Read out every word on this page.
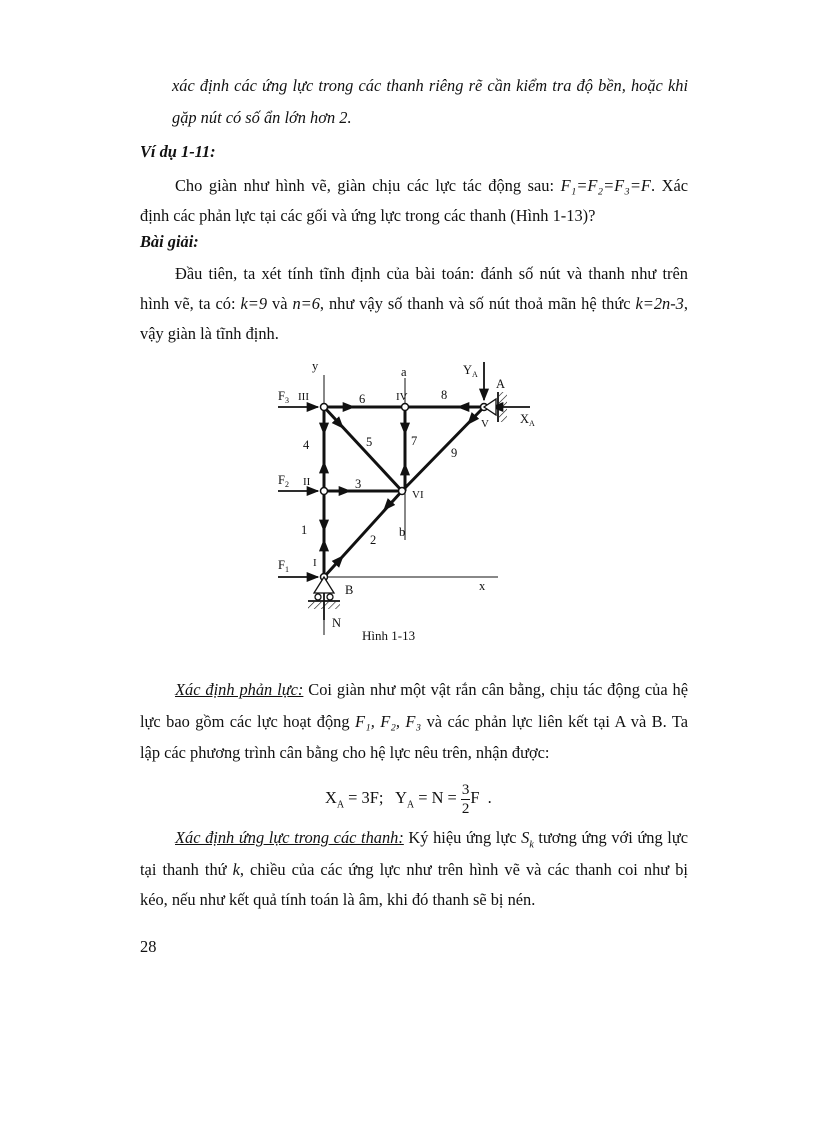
xác định các ứng lực trong các thanh riêng rẽ cần kiểm tra độ bền, hoặc khi
gặp nút có số ẩn lớn hơn 2.
Ví dụ 1-11:
Cho giàn như hình vẽ, giàn chịu các lực tác động sau: F₁=F₂=F₃=F. Xác
định các phản lực tại các gối và ứng lực trong các thanh (Hình 1-13)?
Bài giải:
Đầu tiên, ta xét tính tĩnh định của bài toán: đánh số nút và thanh như trên
hình vẽ, ta có: k=9 và n=6, như vậy số thanh và số nút thoả mãn hệ thức k=2n-3,
vậy giàn là tĩnh định.
y	a
b
x
III	IV
V
II
VI
I
1
2
3
4	5
6
7
8
9
$F_3$
$F_2$
$F_1$
$Y_A$
$X_A$
N
A
B
Hình 1-13
Xác định phản lực: Coi giàn như một vật rắn cân bằng, chịu tác động của hệ
lực bao gồm các lực hoạt động F₁, F₂, F₃ và các phản lực liên kết tại A và B. Ta
lập các phương trình cân bằng cho hệ lực nêu trên, nhận được:
$X_A = 3F$;   $Y_A = N = \frac{3}{2}$ F  .
Xác định ứng lực trong các thanh: Ký hiệu ứng lực $S_k$ tương ứng với ứng lực
tại thanh thứ k, chiều của các ứng lực như trên hình vẽ và các thanh coi như bị
kéo, nếu như kết quả tính toán là âm, khi đó thanh sẽ bị nén.
28
